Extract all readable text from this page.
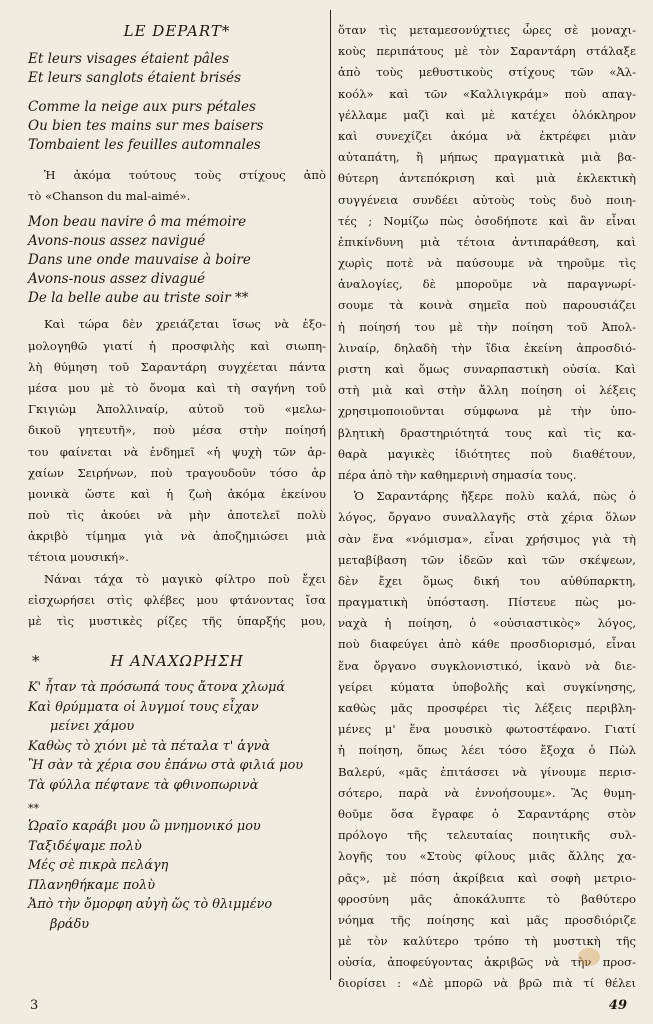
LE DEPART*
Et leurs visages étaient pâles
Et leurs sanglots étaient brisés
Comme la neige aux purs pétales
Ou bien tes mains sur mes baisers
Tombaient les feuilles automnales
Ἡ ἀκόμα τούτους τοὺς στίχους ἀπὸ
τὸ «Chanson du mal-aimé».
Mon beau navire ô ma mémoire
Avons-nous assez navigué
Dans une onde mauvaise à boire
Avons-nous assez divagué
De la belle aube au triste soir **
Καὶ τώρα δὲν χρειάζεται ἴσως νὰ ἐξο-
μολογηθῶ γιατί ἡ προσφιλὴς καὶ σιωπη-
λὴ θύμηση τοῦ Σαραντάρη συγχέεται πάντα
μέσα μου μὲ τὸ ὄνομα καὶ τὴ σαγήνη τοῦ
Γκιγιὼμ Ἀπολλιναίρ, αὐτοῦ τοῦ «μελω-
δικοῦ γητευτῆ», ποὺ μέσα στὴν ποίησή
του φαίνεται νὰ ἐνδημεῖ «ἡ ψυχὴ τῶν ἀρ-
χαίων Σειρήνων, ποὺ τραγουδοῦν τόσο ἁρ
μονικὰ ὥστε καὶ ἡ ζωὴ ἀκόμα ἐκείνου
ποὺ τὶς ἀκούει νὰ μὴν ἀποτελεῖ πολὺ
ἀκριβὸ τίμημα γιὰ νὰ ἀποζημιώσει μιὰ
τέτοια μουσική».
Νάναι τάχα τὸ μαγικὸ φίλτρο ποὺ ἔχει
εἰσχωρήσει στὶς φλέβες μου φτάνοντας ἴσα
μὲ τὶς μυστικὲς ρίζες τῆς ὑπαρξής μου,
*	Η ΑΝΑΧΩΡΗΣΗ
Κ' ἦταν τὰ πρόσωπά τους ἄτονα χλωμά
Καὶ θρύμματα οἱ λυγμοί τους εἶχαν
μείνει χάμου
Καθὼς τὸ χιόνι μὲ τὰ πέταλα τ' ἁγνὰ
Ἢ σὰν τὰ χέρια σου ἐπάνω στὰ φιλιά μου
Τὰ φύλλα πέφτανε τὰ φθινοπωρινὰ
**
Ὡραῖο καράβι μου ὢ μνημονικό μου
Ταξιδέψαμε πολὺ
Μές σὲ πικρὰ πελάγη
Πλανηθήκαμε πολὺ
Ἀπὸ τὴν ὄμορφη αὐγὴ ὥς τὸ θλιμμένο
βράδυ
ὅταν τὶς μεταμεσονύχτιες ὧρες σὲ μοναχι-
κοὺς περιπάτους μὲ τὸν Σαραντάρη στάλαξε
ἀπὸ τοὺς μεθυστικοὺς στίχους τῶν «Ἀλ-
κοόλ» καὶ τῶν «Καλλιγκράμ» ποὺ απαγ-
γέλλαμε μαζὶ καὶ μὲ κατέχει ὁλόκληρον
καὶ συνεχίζει ἀκόμα νὰ ἐκτρέφει μιὰν
αὐταπάτη, ἢ μήπως πραγματικὰ μιὰ βα-
θύτερη ἀντεπόκριση καὶ μιὰ ἐκλεκτικὴ
συγγένεια συνδέει αὐτοὺς τοὺς δυὸ ποιη-
τές ; Νομίζω πὼς ὁσοδήποτε καὶ ἂν εἶναι
ἐπικίνδυνη μιὰ τέτοια ἀντιπαράθεση, καὶ
χωρὶς ποτὲ νὰ παύσουμε νὰ τηροῦμε τὶς
ἀναλογίες, δὲ μποροῦμε νὰ παραγνωρί-
σουμε τὰ κοινὰ σημεῖα ποὺ παρουσιάζει
ἡ ποίησή του μὲ τὴν ποίηση τοῦ Ἀπολ-
λιναίρ, δηλαδὴ τὴν ἴδια ἐκείνη ἀπροσδιό-
ριστη καὶ ὅμως συναρπαστικὴ οὐσία. Καὶ
στὴ μιὰ καὶ στὴν ἄλλη ποίηση οἱ λέξεις
χρησιμοποιοῦνται σύμφωνα μὲ τὴν ὑπο-
βλητικὴ δραστηριότητά τους καὶ τὶς κα-
θαρὰ μαγικὲς ἰδιότητες ποὺ διαθέτουν,
πέρα ἀπὸ τὴν καθημερινὴ σημασία τους.
Ὁ Σαραντάρης ἤξερε πολὺ καλά, πὼς ὁ
λόγος, ὄργανο συναλλαγῆς στὰ χέρια ὅλων
σὰν ἕνα «νόμισμα», εἶναι χρήσιμος γιὰ τὴ
μεταβίβαση τῶν ἰδεῶν καὶ τῶν σκέψεων,
δὲν ἔχει ὅμως δική του αὐθύπαρκτη,
πραγματικὴ ὑπόσταση. Πίστευε πὼς μο-
ναχὰ ἡ ποίηση, ὁ «οὐσιαστικὸς» λόγος,
ποὺ διαφεύγει ἀπὸ κάθε προσδιορισμό, εἶναι
ἕνα ὄργανο συγκλονιστικό, ἱκανὸ νὰ διε-
γείρει κύματα ὑποβολῆς καὶ συγκίνησης,
καθὼς μᾶς προσφέρει τὶς λέξεις περιβλη-
μένες μ' ἕνα μουσικὸ φωτοστέφανο. Γιατί
ἡ ποίηση, ὅπως λέει τόσο ἔξοχα ὁ Πὼλ
Βαλερύ, «μᾶς ἐπιτάσσει νὰ γίνουμε περισ-
σότερο, παρὰ νὰ ἐννοήσουμε». Ἂς θυμη-
θοῦμε ὅσα ἔγραφε ὁ Σαραντάρης στὸν
πρόλογο τῆς τελευταίας ποιητικῆς συλ-
λογῆς του «Στοὺς φίλους μιᾶς ἄλλης χα-
ρᾶς», μὲ πόση ἀκρίβεια καὶ σοφὴ μετριο-
φροσύνη μᾶς ἀποκάλυπτε τὸ βαθύτερο
νόημα τῆς ποίησης καὶ μᾶς προσδιόριζε
μὲ τὸν καλύτερο τρόπο τὴ μυστικὴ τῆς
οὐσία, ἀποφεύγοντας ἀκριβῶς νὰ τὴν προσ-
διορίσει : «Δὲ μπορῶ νὰ βρῶ πιὰ τί θέλει
3	49
